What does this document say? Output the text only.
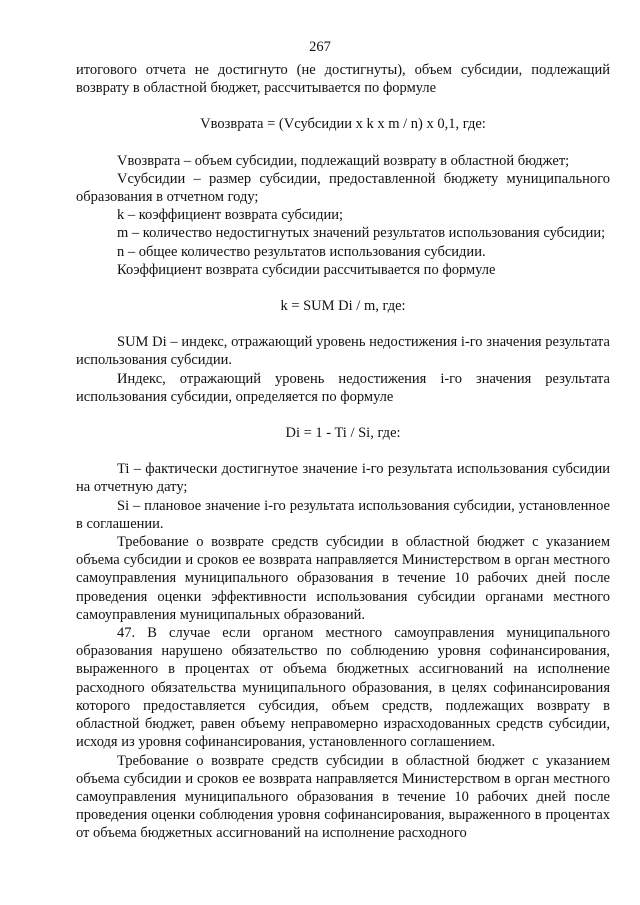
267

итогового отчета не достигнуто (не достигнуты), объем субсидии, подлежащий возврату в областной бюджет, рассчитывается по формуле

Vвозврата = (Vсубсидии x k x m / n) x 0,1, где:

Vвозврата – объем субсидии, подлежащий возврату в областной бюджет;

Vсубсидии – размер субсидии, предоставленной бюджету муниципального образования в отчетном году;

k – коэффициент возврата субсидии;

m – количество недостигнутых значений результатов использования субсидии;

n – общее количество результатов использования субсидии.

Коэффициент возврата субсидии рассчитывается по формуле

k = SUM Di / m, где:

SUM Di – индекс, отражающий уровень недостижения i-го значения результата использования субсидии.

Индекс, отражающий уровень недостижения i-го значения результата использования субсидии, определяется по формуле

Di = 1 - Ti / Si, где:

Ti – фактически достигнутое значение i-го результата использования субсидии на отчетную дату;

Si – плановое значение i-го результата использования субсидии, установленное в соглашении.

Требование о возврате средств субсидии в областной бюджет с указанием объема субсидии и сроков ее возврата направляется Министерством в орган местного самоуправления муниципального образования в течение 10 рабочих дней после проведения оценки эффективности использования субсидии органами местного самоуправления муниципальных образований.

47. В случае если органом местного самоуправления муниципального образования нарушено обязательство по соблюдению уровня софинансирования, выраженного в процентах от объема бюджетных ассигнований на исполнение расходного обязательства муниципального образования, в целях софинансирования которого предоставляется субсидия, объем средств, подлежащих возврату в областной бюджет, равен объему неправомерно израсходованных средств субсидии, исходя из уровня софинансирования, установленного соглашением.

Требование о возврате средств субсидии в областной бюджет с указанием объема субсидии и сроков ее возврата направляется Министерством в орган местного самоуправления муниципального образования в течение 10 рабочих дней после проведения оценки соблюдения уровня софинансирования, выраженного в процентах от объема бюджетных ассигнований на исполнение расходного
